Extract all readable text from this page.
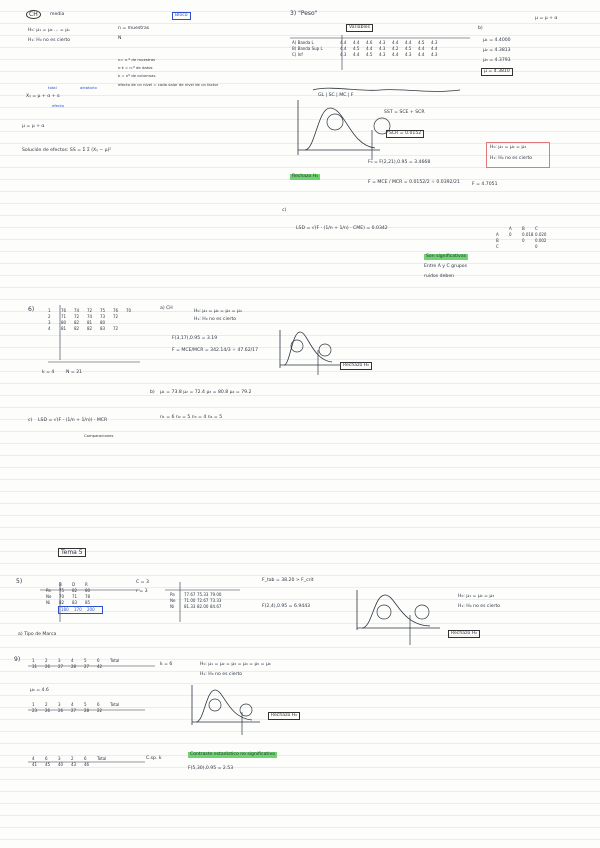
CH	media	Bloco
H₀: μ₁ = μ₂ ... = μₙ
H₁: H₀ no es cierto	N
n = muestras
n= n.º de muestras
n·k = n.º de datos
k = nº de columnas
efecto de un nivel = cada valor de nivel de un factor
Xᵢⱼ = μ + α + εᵢ
total
efecto
aleatorio
μ = μ + α
Solución de efectos: SS = Σ Σ (Xᵢⱼ − μ)²
3) "Peso"
Variables
A) Banda L	4.4	4.4	4.6	4.3	4.4	4.4	4.5	4.3
B) Banda Sup L	4.4	4.5	4.4	4.3	4.2	4.5	4.4	4.4
C) Inf	4.3	4.4	4.5	4.3	4.4	4.3	4.4	4.3
μ = μ + α
b)
μ₁ = 4.4000
μ₂ = 4.3813
μ₃ = 4.3793
μ = 4.3810
GL | SC | MC | F
SST = SCE + SCR
SCR = 0.0152
Rechazo H₀
F₀ = F(2,21),0.95 = 3.4668
F = MCE / MCR = 0.0152/2 ÷ 0.0392/21	F = 4.7051
H₀: μ₁ = μ₂ = μ₃
H₁: H₀ no es cierto
c)
LSD = √(F · (1/n + 1/n) · CME) = 0.0342	A	B	C
A	0	0.018 0.020
B	0	0.002
C	0
Son significativas
Entre A y C grupos
ruidos deben
6)	1	76	74	72	75	76	70
2	71	72	74	73	72
3	80	82	81	80
4	81	82	82	83	72
k = 4	N = 21
a) CH
H₀: μ₁ = μ₂ = μ₃ = μ₄
H₁: H₀ no es cierto
F(3,17),0.95 = 3.19
F = MCE/MCR = 342.14/3 ÷ 47.62/17
Rechazo H₀
b) μ₁ = 73.8 μ₂ = 72.4 μ₃ = 80.8 μ₄ = 79.2
n₁ = 6 n₂ = 5 n₃ = 4 n₄ = 5
c) LSD = √(F · (1/n + 1/n)) · MCR
Comparaciones
Tema 5
5)	B	D	R
Pa	75	82	80
Ne	70	71	78
Ni	82	83	85
180	170	200
C = 3
r = 3
Pa	77.67 75.33 79.00
Ne	71.00 72.67 73.33
Ni	81.33 82.00 84.67
a) Tipo de Marca
F_tab = 38.20 > F_crit
F(2,4),0.95 = 6.9443
H₀: μ₁ = μ₂ = μ₃
H₁: H₀ no es cierto
Rechazo H₀
9)	1	2	3	4	5	6	Total
31	26	27	28	27	42	k = 6	H₀: μ₁ = μ₂ = μ₃ = μ₄ = μ₅ = μ₆
H₁: H₀ no es cierto
μ₀ = 4.6
1	2	3	4	5	6	Total
23	26	26	27	28	22
Rechazo H₀
Contraste estadístico no significativo
F(5,30),0.95 = 2.53
4	6	3	2	6	Total
41	45	40	43	46
C.sp. k
